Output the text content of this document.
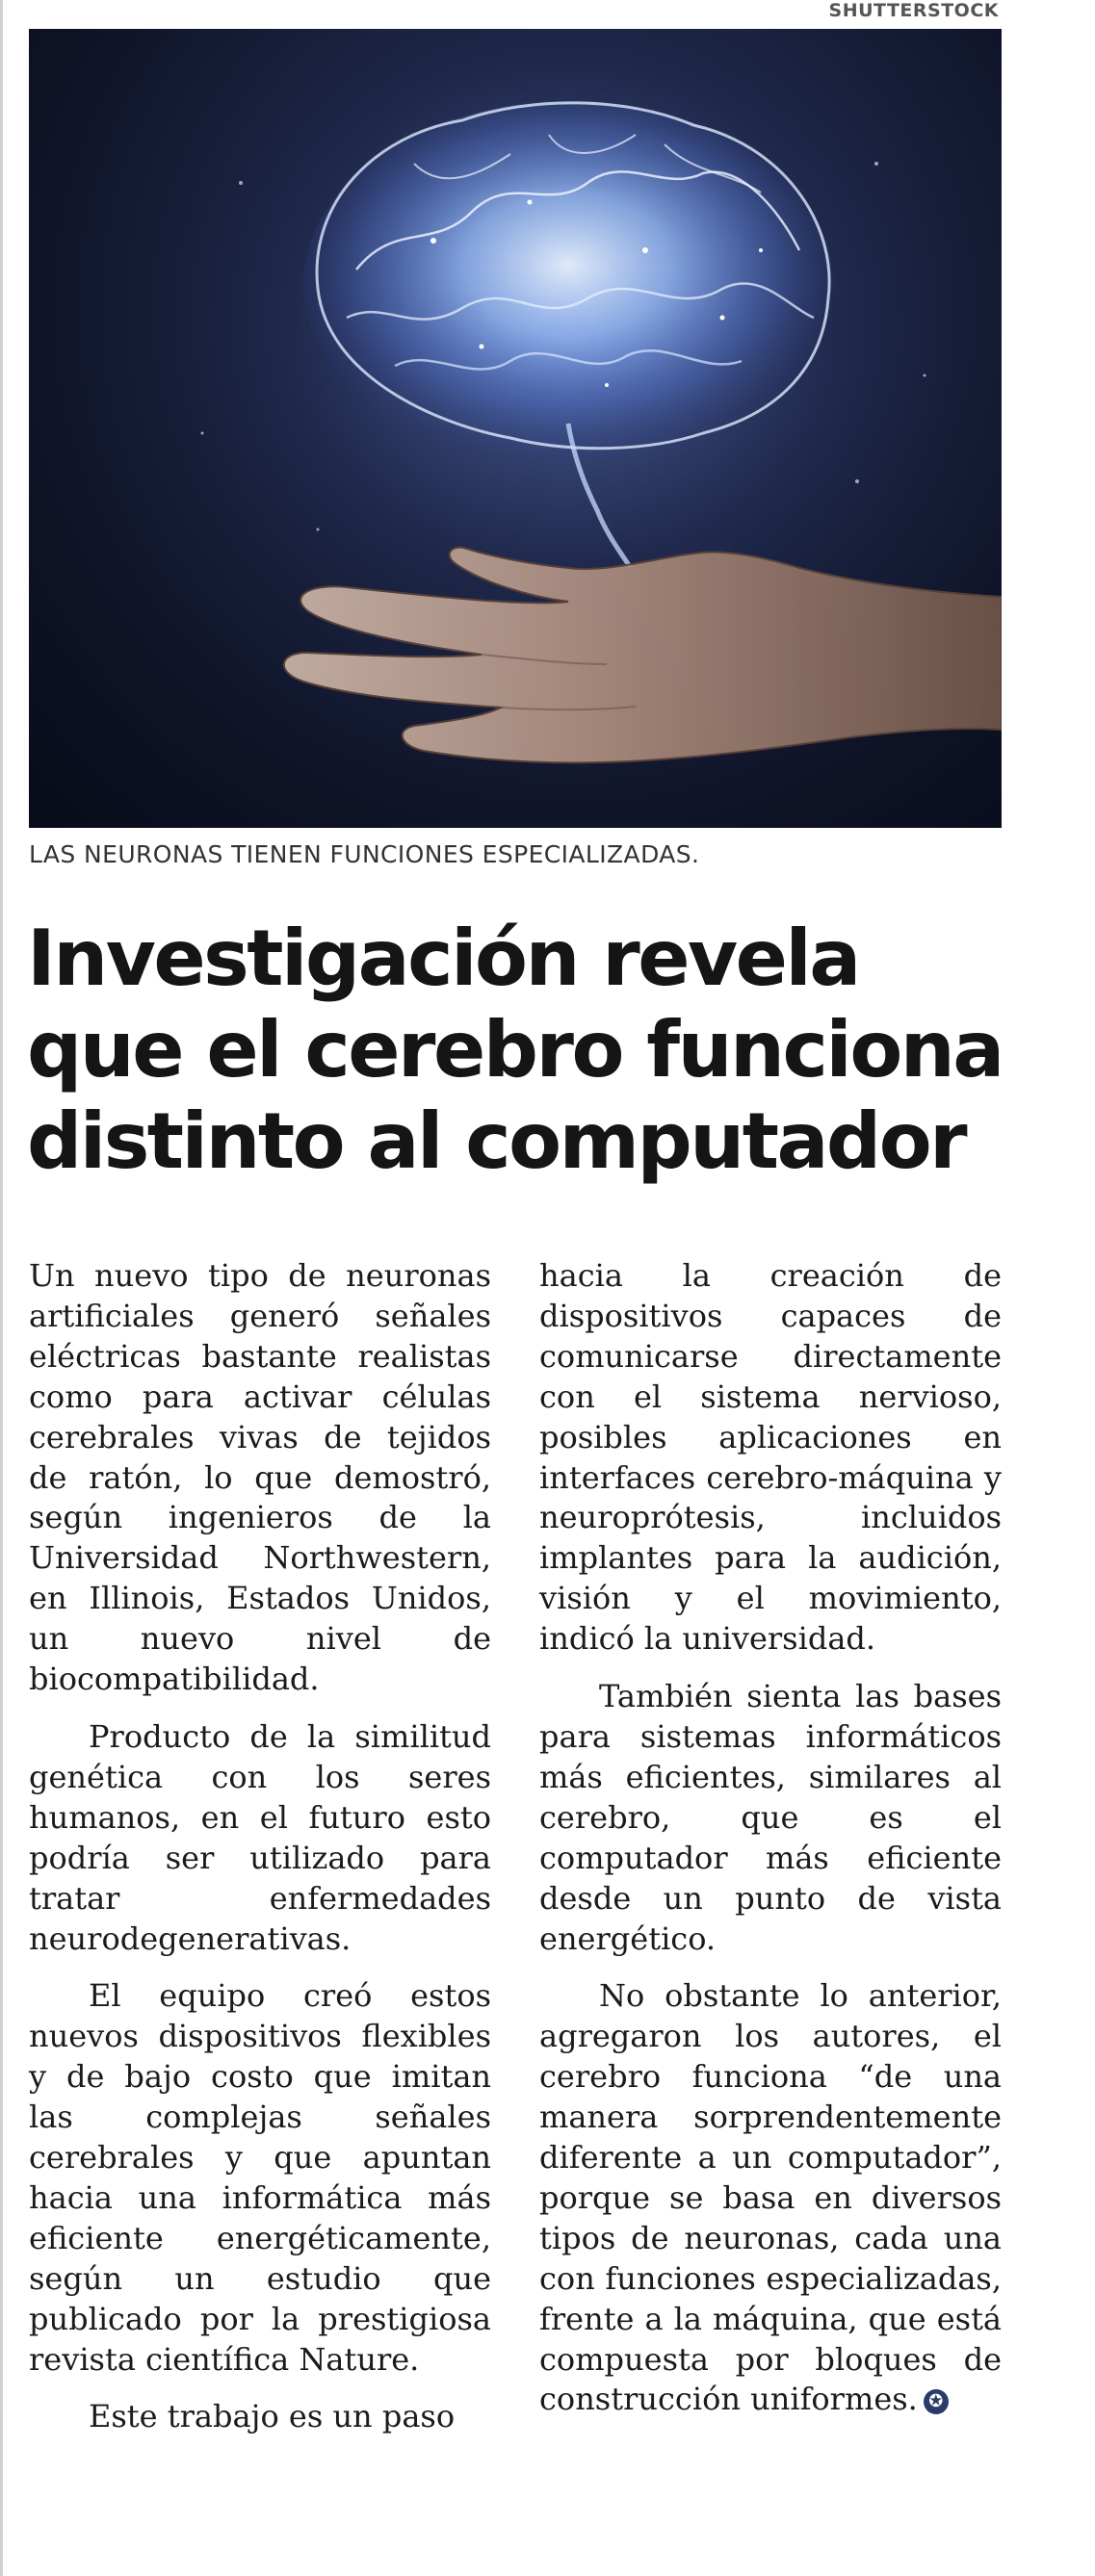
SHUTTERSTOCK
LAS NEURONAS TIENEN FUNCIONES ESPECIALIZADAS.
Investigación revela
que el cerebro funciona
distinto al computador

Un nuevo tipo de neuronas artificiales generó señales eléctricas bastante realistas como para activar células cerebrales vivas de tejidos de ratón, lo que demostró, según ingenieros de la Universidad Northwestern, en Illinois, Estados Unidos, un nuevo nivel de biocompatibilidad.

Producto de la similitud genética con los seres humanos, en el futuro esto podría ser utilizado para tratar enfermedades neurodegenerativas.

El equipo creó estos nuevos dispositivos flexibles y de bajo costo que imitan las complejas señales cerebrales y que apuntan hacia una informática más eficiente energéticamente, según un estudio que publicado por la prestigiosa revista científica Nature.

Este trabajo es un paso

hacia la creación de dispositivos capaces de comunicarse directamente con el sistema nervioso, posibles aplicaciones en interfaces cerebro-máquina y neuroprótesis, incluidos implantes para la audición, visión y el movimiento, indicó la universidad.

También sienta las bases para sistemas informáticos más eficientes, similares al cerebro, que es el computador más eficiente desde un punto de vista energético.

No obstante lo anterior, agregaron los autores, el cerebro funciona “de una manera sorprendentemente diferente a un computador”, porque se basa en diversos tipos de neuronas, cada una con funciones especializadas, frente a la máquina, que está compuesta por bloques de construcción uniformes. ✪
